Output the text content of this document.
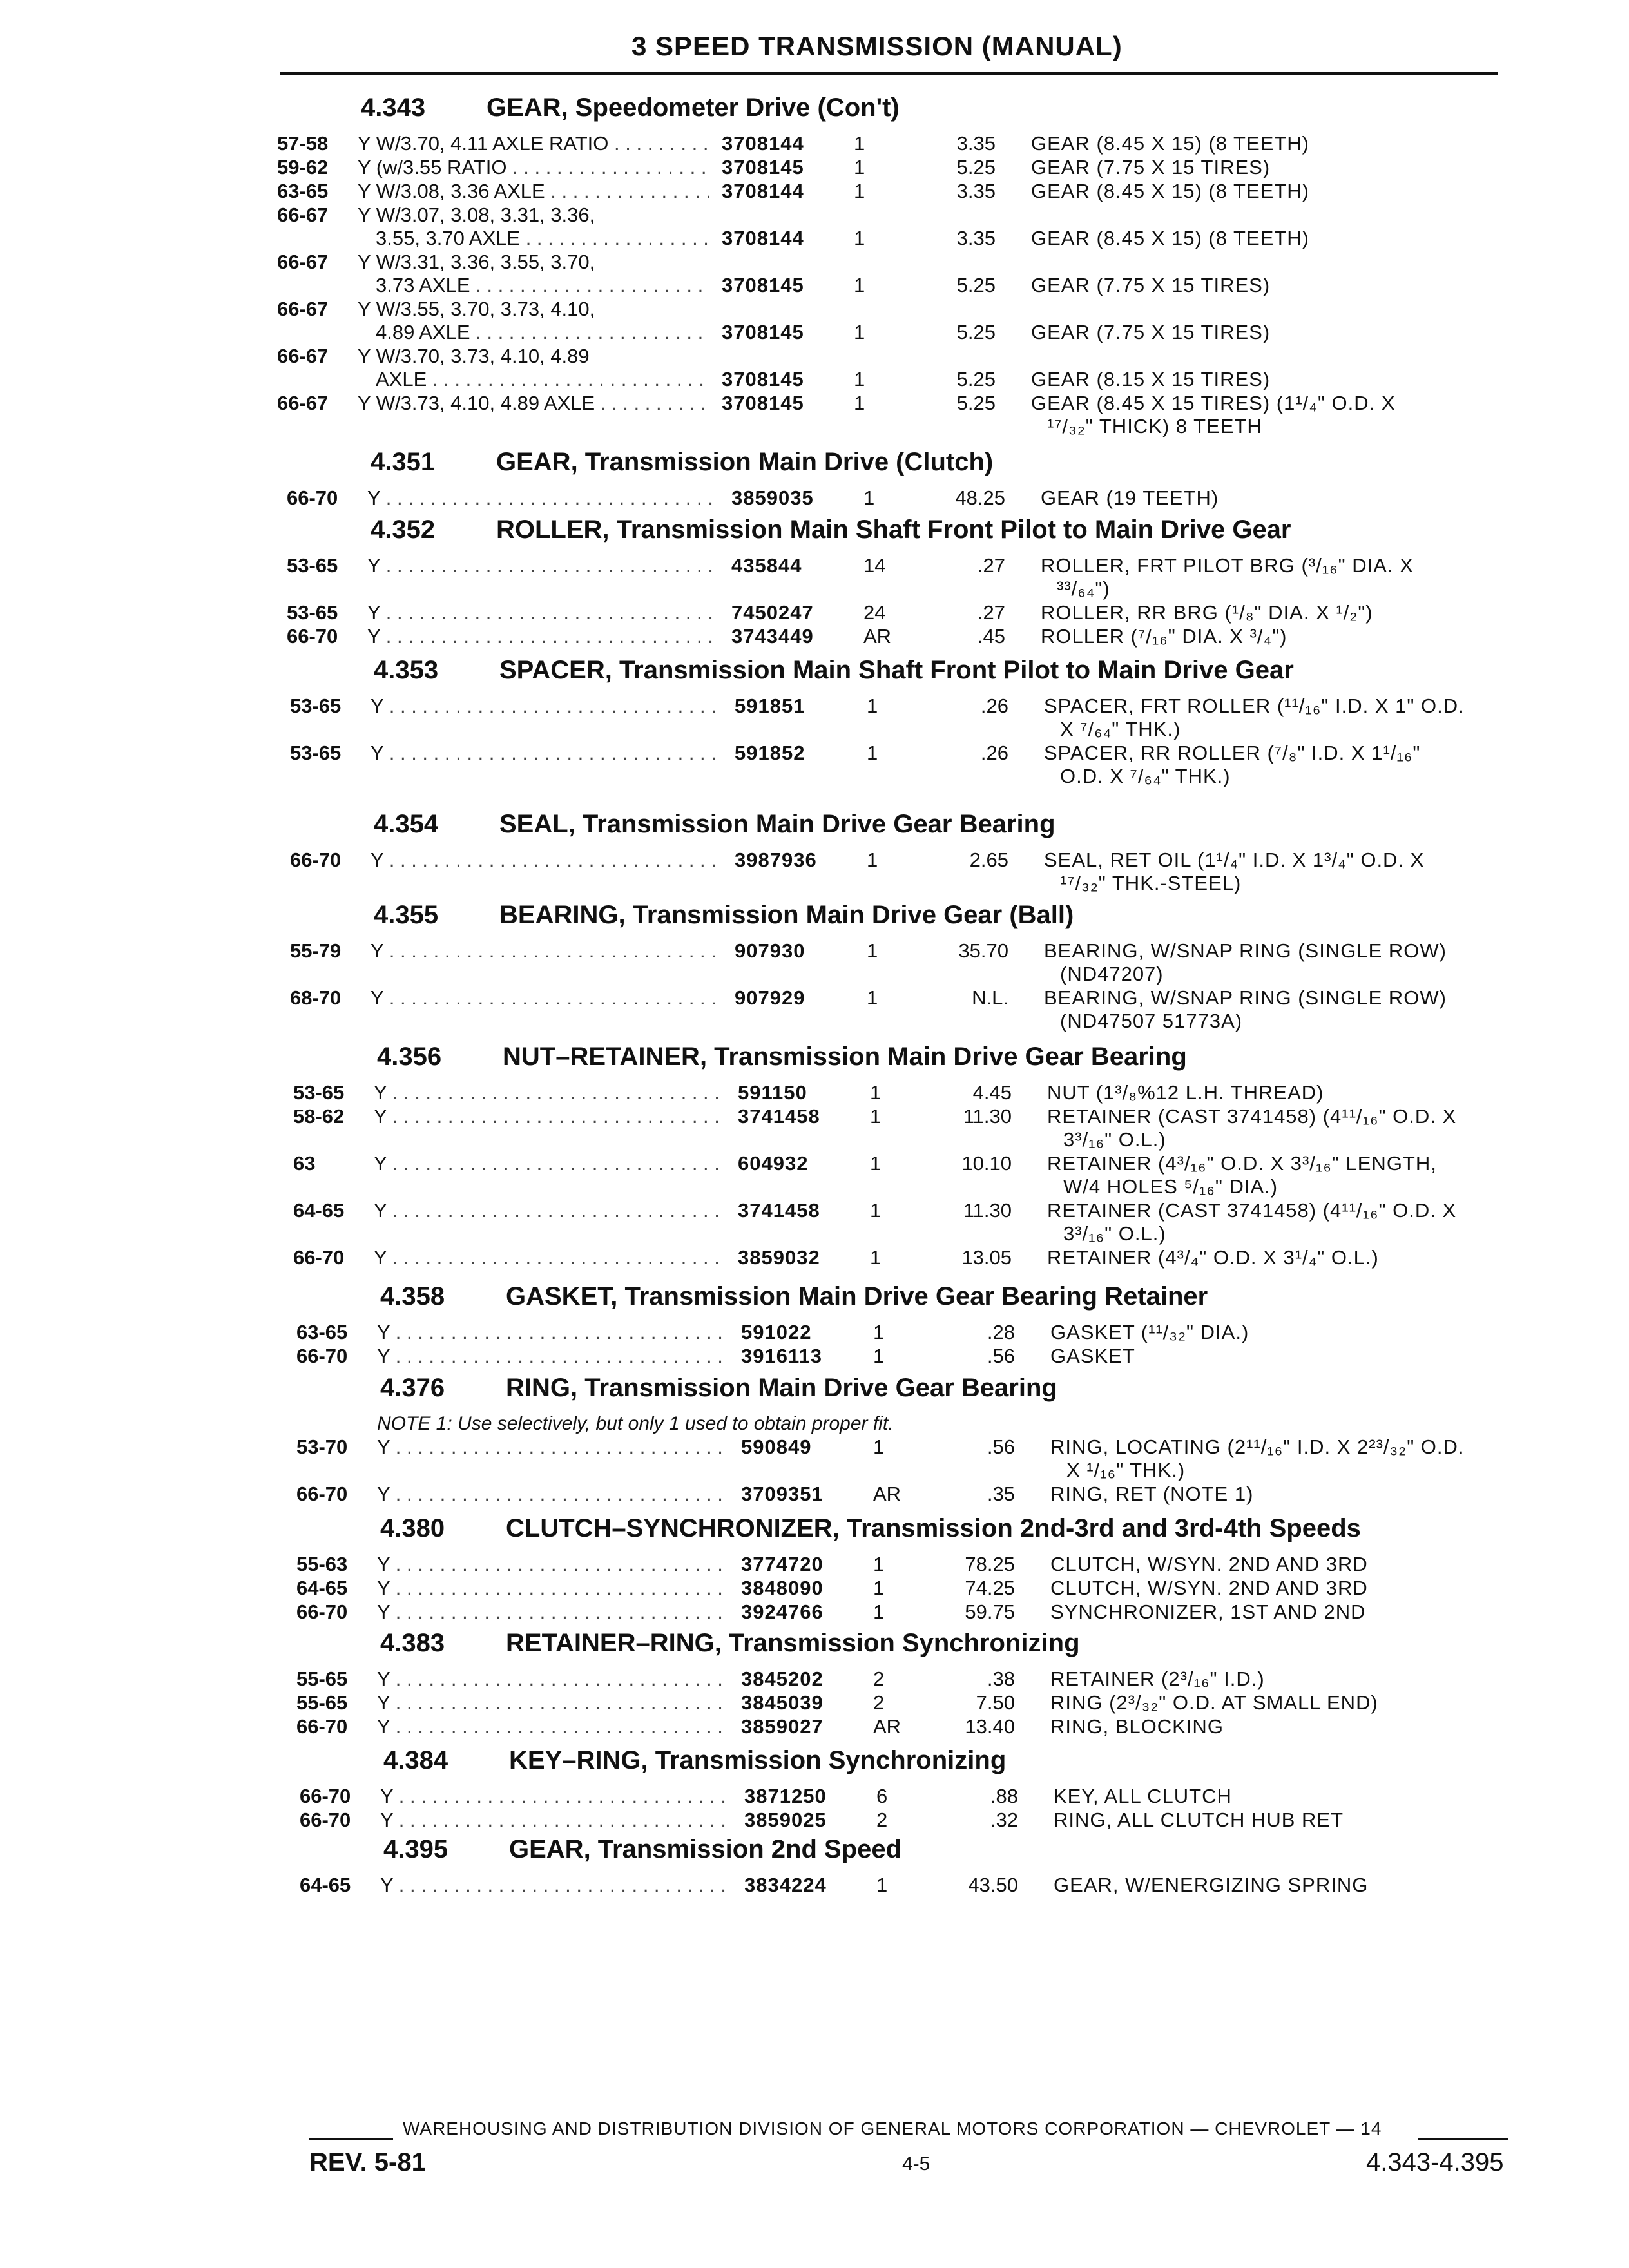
3 SPEED TRANSMISSION (MANUAL)
4.343 GEAR, Speedometer Drive (Con't)
57-58	Y W/3.70, 4.11 AXLE RATIO . . .	3708144	1	3.35 GEAR (8.45 X 15) (8 TEETH)
59-62	Y (w/3.55 RATIO . . .	3708145	1	5.25 GEAR (7.75 X 15 TIRES)
63-65	Y W/3.08, 3.36 AXLE . . .	3708144	1	3.35 GEAR (8.45 X 15) (8 TEETH)
66-67	Y W/3.07, 3.08, 3.31, 3.36,
3.55, 3.70 AXLE . . .	3708144	1	3.35 GEAR (8.45 X 15) (8 TEETH)
66-67	Y W/3.31, 3.36, 3.55, 3.70,
3.73 AXLE . . .	3708145	1	5.25 GEAR (7.75 X 15 TIRES)
66-67	Y W/3.55, 3.70, 3.73, 4.10,
4.89 AXLE . . .	3708145	1	5.25 GEAR (7.75 X 15 TIRES)
66-67	Y W/3.70, 3.73, 4.10, 4.89
AXLE . . .	3708145	1	5.25 GEAR (8.15 X 15 TIRES)
66-67	Y W/3.73, 4.10, 4.89 AXLE . . .	3708145	1	5.25 GEAR (8.45 X 15 TIRES) (1¹/₄" O.D. X
¹⁷/₃₂" THICK) 8 TEETH
4.351 GEAR, Transmission Main Drive (Clutch)
66-70	Y . . .	3859035	1	48.25 GEAR (19 TEETH)
4.352 ROLLER, Transmission Main Shaft Front Pilot to Main Drive Gear
53-65	Y . . .	435844	14	.27 ROLLER, FRT PILOT BRG (³/₁₆" DIA. X
³³/₆₄")
53-65	Y . . .	7450247	24	.27 ROLLER, RR BRG (¹/₈" DIA. X ¹/₂")
66-70	Y . . .	3743449	AR	.45 ROLLER (⁷/₁₆" DIA. X ³/₄")
4.353 SPACER, Transmission Main Shaft Front Pilot to Main Drive Gear
53-65	Y . . .	591851	1	.26 SPACER, FRT ROLLER (¹¹/₁₆" I.D. X 1" O.D.
X ⁷/₆₄" THK.)
53-65	Y . . .	591852	1	.26 SPACER, RR ROLLER (⁷/₈" I.D. X 1¹/₁₆"
O.D. X ⁷/₆₄" THK.)
4.354 SEAL, Transmission Main Drive Gear Bearing
66-70	Y . . .	3987936	1	2.65 SEAL, RET OIL (1¹/₄" I.D. X 1³/₄" O.D. X
¹⁷/₃₂" THK.-STEEL)
4.355 BEARING, Transmission Main Drive Gear (Ball)
55-79	Y . . .	907930	1	35.70 BEARING, W/SNAP RING (SINGLE ROW)
(ND47207)
68-70	Y . . .	907929	1	N.L. BEARING, W/SNAP RING (SINGLE ROW)
(ND47507 51773A)
4.356 NUT–RETAINER, Transmission Main Drive Gear Bearing
53-65	Y . . .	591150	1	4.45 NUT (1³/₈%12 L.H. THREAD)
58-62	Y . . .	3741458	1	11.30 RETAINER (CAST 3741458) (4¹¹/₁₆" O.D. X
3³/₁₆" O.L.)
63	Y . . .	604932	1	10.10 RETAINER (4³/₁₆" O.D. X 3³/₁₆" LENGTH,
W/4 HOLES ⁵/₁₆" DIA.)
64-65	Y . . .	3741458	1	11.30 RETAINER (CAST 3741458) (4¹¹/₁₆" O.D. X
3³/₁₆" O.L.)
66-70	Y . . .	3859032	1	13.05 RETAINER (4³/₄" O.D. X 3¹/₄" O.L.)
4.358 GASKET, Transmission Main Drive Gear Bearing Retainer
63-65	Y . . .	591022	1	.28 GASKET (¹¹/₃₂" DIA.)
66-70	Y . . .	3916113	1	.56 GASKET
4.376 RING, Transmission Main Drive Gear Bearing
NOTE 1: Use selectively, but only 1 used to obtain proper fit.
53-70	Y . . .	590849	1	.56 RING, LOCATING (2¹¹/₁₆" I.D. X 2²³/₃₂" O.D.
X ¹/₁₆" THK.)
66-70	Y . . .	3709351	AR	.35 RING, RET (NOTE 1)
4.380 CLUTCH–SYNCHRONIZER, Transmission 2nd-3rd and 3rd-4th Speeds
55-63	Y . . .	3774720	1	78.25 CLUTCH, W/SYN. 2ND AND 3RD
64-65	Y . . .	3848090	1	74.25 CLUTCH, W/SYN. 2ND AND 3RD
66-70	Y . . .	3924766	1	59.75 SYNCHRONIZER, 1ST AND 2ND
4.383 RETAINER–RING, Transmission Synchronizing
55-65	Y . . .	3845202	2	.38 RETAINER (2³/₁₆" I.D.)
55-65	Y . . .	3845039	2	7.50 RING (2³/₃₂" O.D. AT SMALL END)
66-70	Y . . .	3859027	AR	13.40 RING, BLOCKING
4.384 KEY–RING, Transmission Synchronizing
66-70	Y . . .	3871250	6	.88 KEY, ALL CLUTCH
66-70	Y . . .	3859025	2	.32 RING, ALL CLUTCH HUB RET
4.395 GEAR, Transmission 2nd Speed
64-65	Y . . .	3834224	1	43.50 GEAR, W/ENERGIZING SPRING
WAREHOUSING AND DISTRIBUTION DIVISION OF GENERAL MOTORS CORPORATION — CHEVROLET — 14
REV. 5-81	4-5	4.343-4.395
